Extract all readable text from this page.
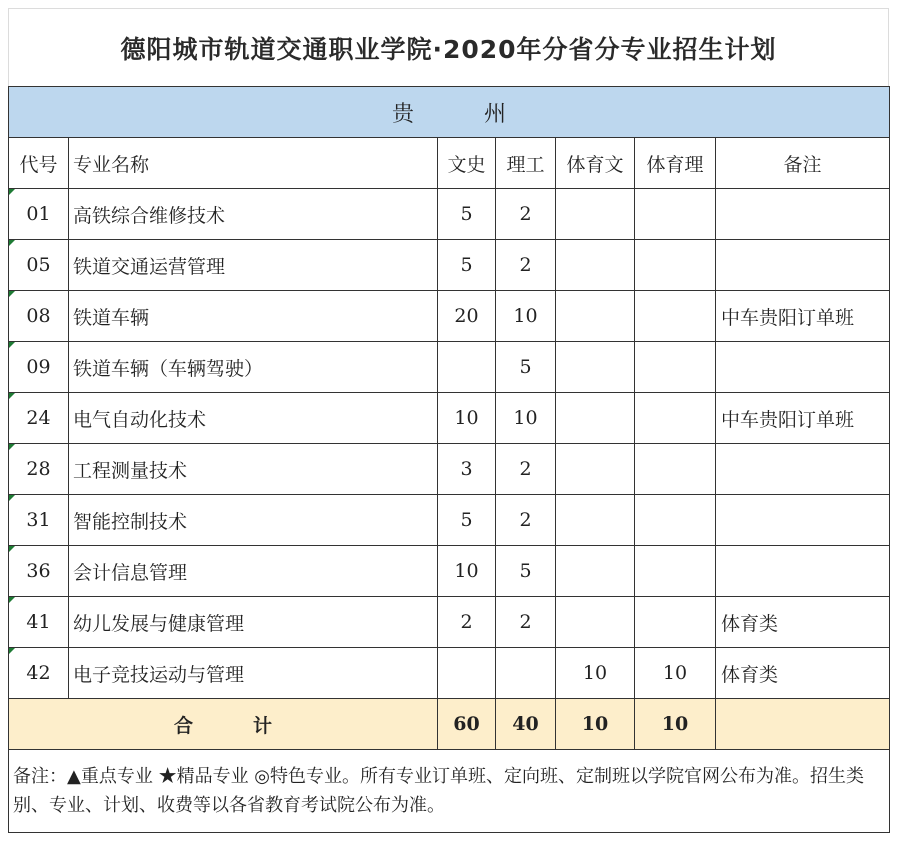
德阳城市轨道交通职业学院·2020年分省分专业招生计划
贵 州						
代号	专业名称	文史	理工	体育文	体育理	备注
01	高铁综合维修技术	5	2			
05	铁道交通运营管理	5	2			
08	铁道车辆	20	10			中车贵阳订单班
09	铁道车辆（车辆驾驶）		5			
24	电气自动化技术	10	10			中车贵阳订单班
28	工程测量技术	3	2			
31	智能控制技术	5	2			
36	会计信息管理	10	5			
41	幼儿发展与健康管理	2	2			体育类
42	电子竞技运动与管理			10	10	体育类
合 计		60	40	10	10	
备注：▲重点专业 ★精品专业 ◎特色专业。所有专业订单班、定向班、定制班以学院官网公布为准。招生类别、专业、计划、收费等以各省教育考试院公布为准。						
